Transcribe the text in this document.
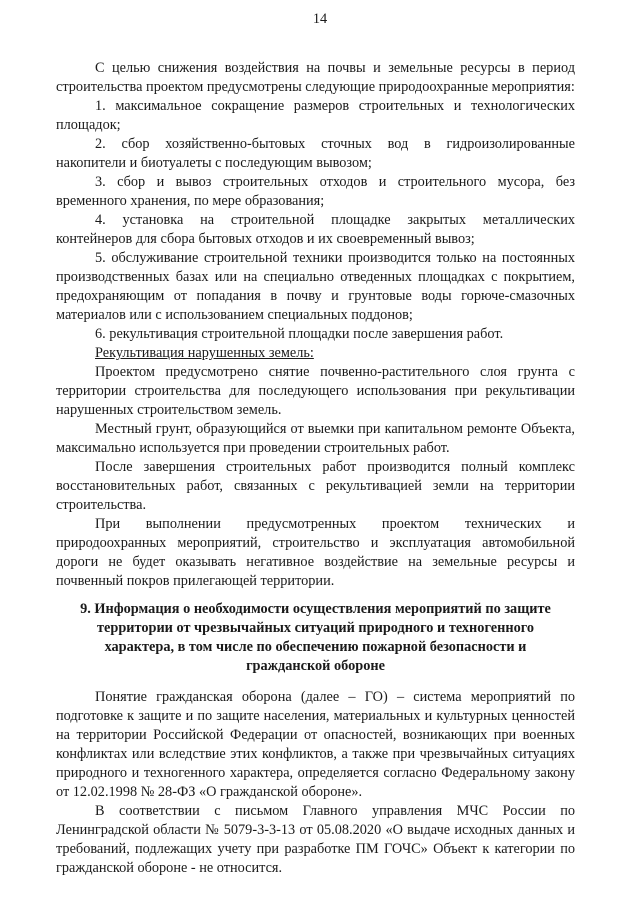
14

С целью снижения воздействия на почвы и земельные ресурсы в период строительства проектом предусмотрены следующие природоохранные мероприятия:

1. максимальное сокращение размеров строительных и технологических площадок;

2. сбор хозяйственно-бытовых сточных вод в гидроизолированные накопители и биотуалеты с последующим вывозом;

3. сбор и вывоз строительных отходов и строительного мусора, без временного хранения, по мере образования;

4. установка на строительной площадке закрытых металлических контейнеров для сбора бытовых отходов и их своевременный вывоз;

5. обслуживание строительной техники производится только на постоянных производственных базах или на специально отведенных площадках с покрытием, предохраняющим от попадания в почву и грунтовые воды горюче-смазочных материалов или с использованием специальных поддонов;

6. рекультивация строительной площадки после завершения работ.

Рекультивация нарушенных земель:

Проектом предусмотрено снятие почвенно-растительного слоя грунта с территории строительства для последующего использования при рекультивации нарушенных строительством земель.

Местный грунт, образующийся от выемки при капитальном ремонте Объекта, максимально используется при проведении строительных работ.

После завершения строительных работ производится полный комплекс восстановительных работ, связанных с рекультивацией земли на территории строительства.

При выполнении предусмотренных проектом технических и природоохранных мероприятий, строительство и эксплуатация автомобильной дороги не будет оказывать негативное воздействие на земельные ресурсы и почвенный покров прилегающей территории.

9. Информация о необходимости осуществления мероприятий по защите территории от чрезвычайных ситуаций природного и техногенного характера, в том числе по обеспечению пожарной безопасности и гражданской обороне

Понятие гражданская оборона (далее – ГО) – система мероприятий по подготовке к защите и по защите населения, материальных и культурных ценностей на территории Российской Федерации от опасностей, возникающих при военных конфликтах или вследствие этих конфликтов, а также при чрезвычайных ситуациях природного и техногенного характера, определяется согласно Федеральному закону от 12.02.1998 № 28-ФЗ «О гражданской обороне».

В соответствии с письмом Главного управления МЧС России по Ленинградской области № 5079-3-3-13 от 05.08.2020 «О выдаче исходных данных и требований, подлежащих учету при разработке ПМ ГОЧС» Объект к категории по гражданской обороне - не относится.
